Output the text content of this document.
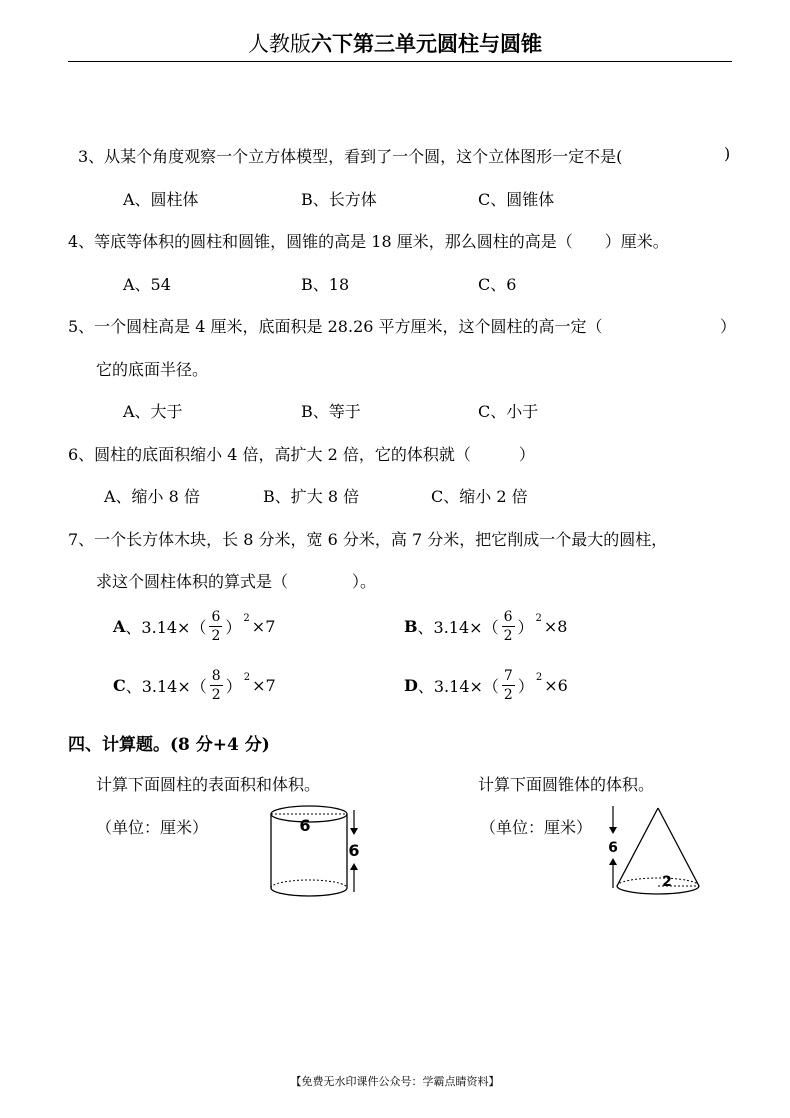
人教版六下第三单元圆柱与圆锥
3、从某个角度观察一个立方体模型，看到了一个圆，这个立体图形一定不是(	)
A、圆柱体	B、长方体	C、圆锥体
4、等底等体积的圆柱和圆锥，圆锥的高是 18 厘米，那么圆柱的高是（　　）厘米。
A、54	B、18	C、6
5、一个圆柱高是 4 厘米，底面积是 28.26 平方厘米，这个圆柱的高一定（	）
它的底面半径。
A、大于	B、等于	C、小于
6、圆柱的底面积缩小 4 倍，高扩大 2 倍，它的体积就（　　　）
A、缩小 8 倍	B、扩大 8 倍	C、缩小 2 倍
7、一个长方体木块，长 8 分米，宽 6 分米，高 7 分米，把它削成一个最大的圆柱，
求这个圆柱体积的算式是（　　　　）。
A 、$3.14\times( \frac{6}{2}$ ） 2 ×7	B 、$3.14\times( \frac{6}{2}$ ） 2 ×8
C 、$3.14\times( \frac{8}{2}$ ） 2 ×7	D 、$3.14\times( \frac{7}{2}$ ） 2 ×6
四、计算题。(8 分+4 分)
计算下面圆柱的表面积和体积。
（单位：厘米）
计算下面圆锥体的体积。
（单位：厘米）
6
6	6
2
【免费无水印课件公众号：学霸点睛资料】
